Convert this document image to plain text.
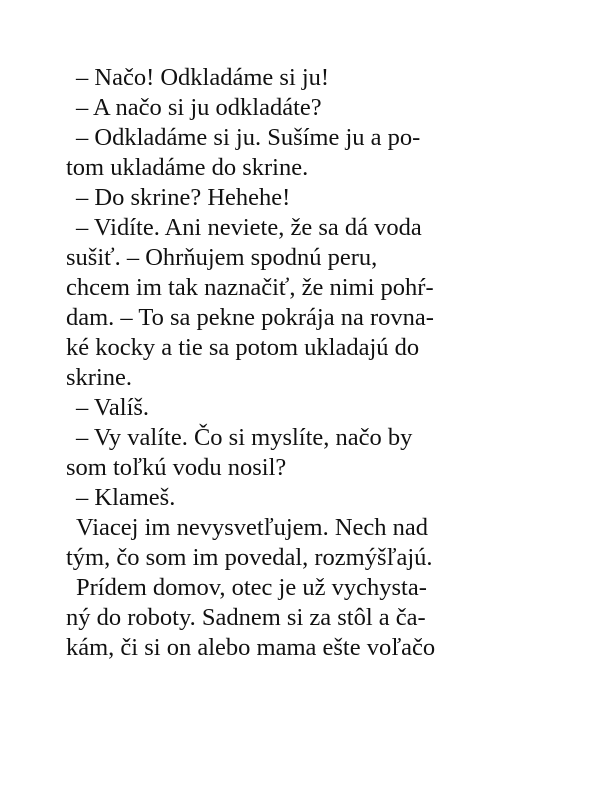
– Načo! Odkladáme si ju!
– A načo si ju odkladáte?
– Odkladáme si ju. Sušíme ju a po-
tom ukladáme do skrine.
– Do skrine? Hehehe!
– Vidíte. Ani neviete, že sa dá voda
sušiť. – Ohrňujem spodnú peru,
chcem im tak naznačiť, že nimi pohŕ-
dam. – To sa pekne pokrája na rovna-
ké kocky a tie sa potom ukladajú do
skrine.
– Valíš.
– Vy valíte. Čo si myslíte, načo by
som toľkú vodu nosil?
– Klameš.
Viacej im nevysvetľujem. Nech nad
tým, čo som im povedal, rozmýšľajú.
Prídem domov, otec je už vychysta-
ný do roboty. Sadnem si za stôl a ča-
kám, či si on alebo mama ešte voľačo
